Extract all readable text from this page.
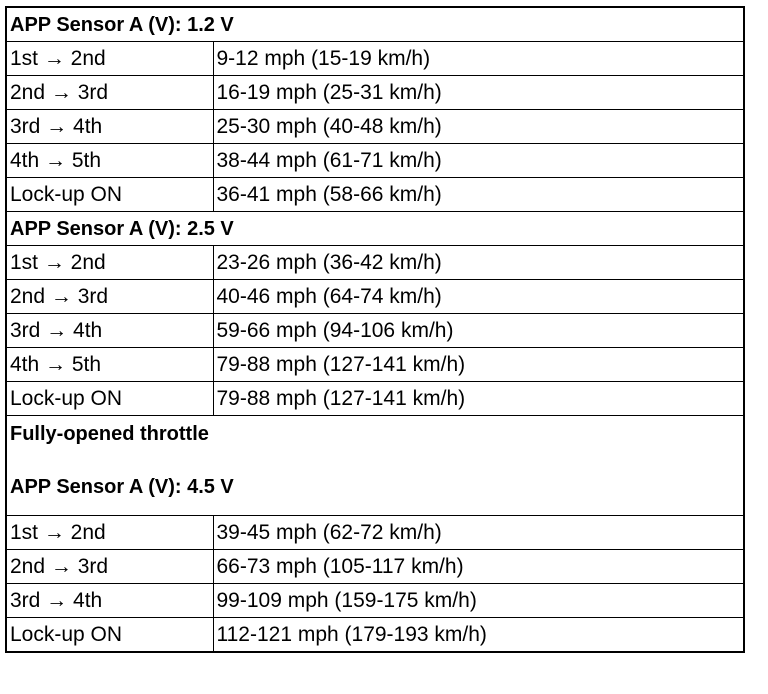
APP Sensor A (V): 1.2 V	
1st → 2nd	9-12 mph (15-19 km/h)
2nd → 3rd	16-19 mph (25-31 km/h)
3rd → 4th	25-30 mph (40-48 km/h)
4th → 5th	38-44 mph (61-71 km/h)
Lock-up ON	36-41 mph (58-66 km/h)
APP Sensor A (V): 2.5 V	
1st → 2nd	23-26 mph (36-42 km/h)
2nd → 3rd	40-46 mph (64-74 km/h)
3rd → 4th	59-66 mph (94-106 km/h)
4th → 5th	79-88 mph (127-141 km/h)
Lock-up ON	79-88 mph (127-141 km/h)
Fully-opened throttle
APP Sensor A (V): 4.5 V	

1st → 2nd	39-45 mph (62-72 km/h)
2nd → 3rd	66-73 mph (105-117 km/h)
3rd → 4th	99-109 mph (159-175 km/h)
Lock-up ON	112-121 mph (179-193 km/h)
